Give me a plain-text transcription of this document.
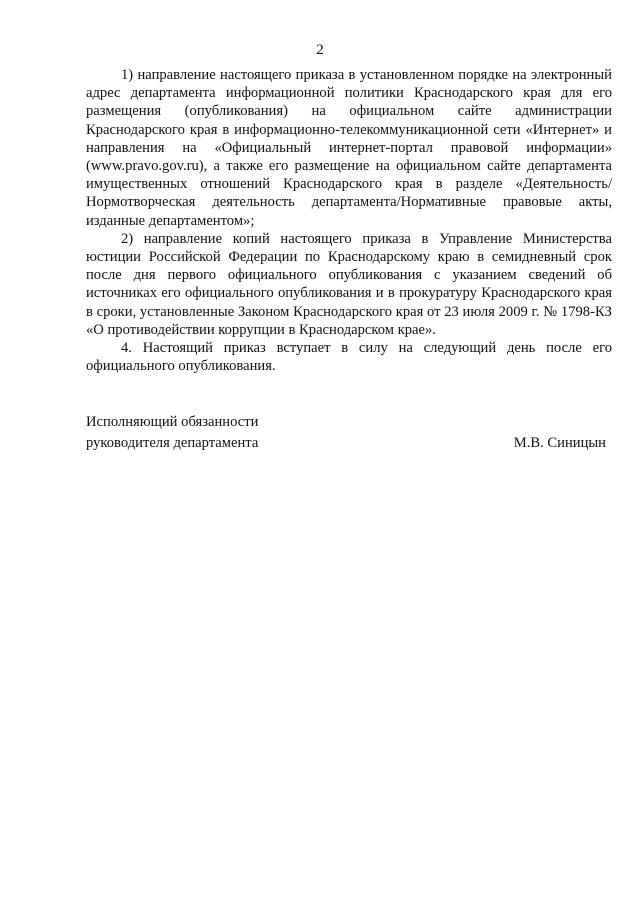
2

1) направление настоящего приказа в установленном порядке на электронный адрес департамента информационной политики Краснодарского края для его размещения (опубликования) на официальном сайте администрации Краснодарского края в информационно-телекоммуникационной сети «Интернет» и направления на «Официальный интернет-портал правовой информации» (www.pravo.gov.ru), а также его размещение на официальном сайте департамента имущественных отношений Краснодарского края в разделе «Деятельность/Нормотворческая деятельность департамента/Нормативные правовые акты, изданные департаментом»;

2) направление копий настоящего приказа в Управление Министерства юстиции Российской Федерации по Краснодарскому краю в семидневный срок после дня первого официального опубликования с указанием сведений об источниках его официального опубликования и в прокуратуру Краснодарского края в сроки, установленные Законом Краснодарского края от 23 июля 2009 г. № 1798-КЗ «О противодействии коррупции в Краснодарском крае».

4. Настоящий приказ вступает в силу на следующий день после его официального опубликования.

Исполняющий обязанности
руководителя департамента	М.В. Синицын
